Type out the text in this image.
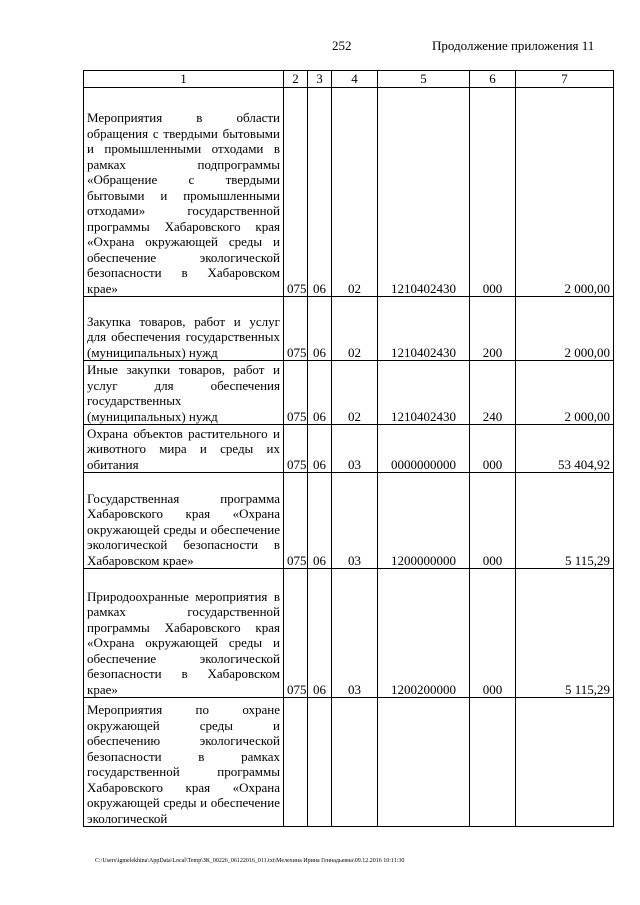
252	Продолжение приложения 11
1	2	3	4	5	6	7
Мероприятия в области обращения с твердыми бытовыми и промышленными отходами в рамках подпрограммы «Обращение с твердыми бытовыми и промышленными отходами» государственной программы Хабаровского края «Охрана окружающей среды и обеспечение экологической безопасности в Хабаровском крае»	075	06	02	1210402430	000	2 000,00
Закупка товаров, работ и услуг для обеспечения государственных (муниципальных) нужд	075	06	02	1210402430	200	2 000,00
Иные закупки товаров, работ и услуг для обеспечения государственных (муниципальных) нужд	075	06	02	1210402430	240	2 000,00
Охрана объектов растительного и животного мира и среды их обитания	075	06	03	0000000000	000	53 404,92
Государственная программа Хабаровского края «Охрана окружающей среды и обеспечение экологической безопасности в Хабаровском крае»	075	06	03	1200000000	000	5 115,29
Природоохранные мероприятия в рамках государственной программы Хабаровского края «Охрана окружающей среды и обеспечение экологической безопасности в Хабаровском крае»	075	06	03	1200200000	000	5 115,29
Мероприятия по охране окружающей среды и обеспечению экологической безопасности в рамках государственной программы Хабаровского края «Охрана окружающей среды и обеспечение экологической						
C:\Users\igmelekhina\AppData\Local\Temp\ЗК_00226_06122016_011.txt\Мелехина Ирина Геннадьевна\09.12.2016 10:11:30
